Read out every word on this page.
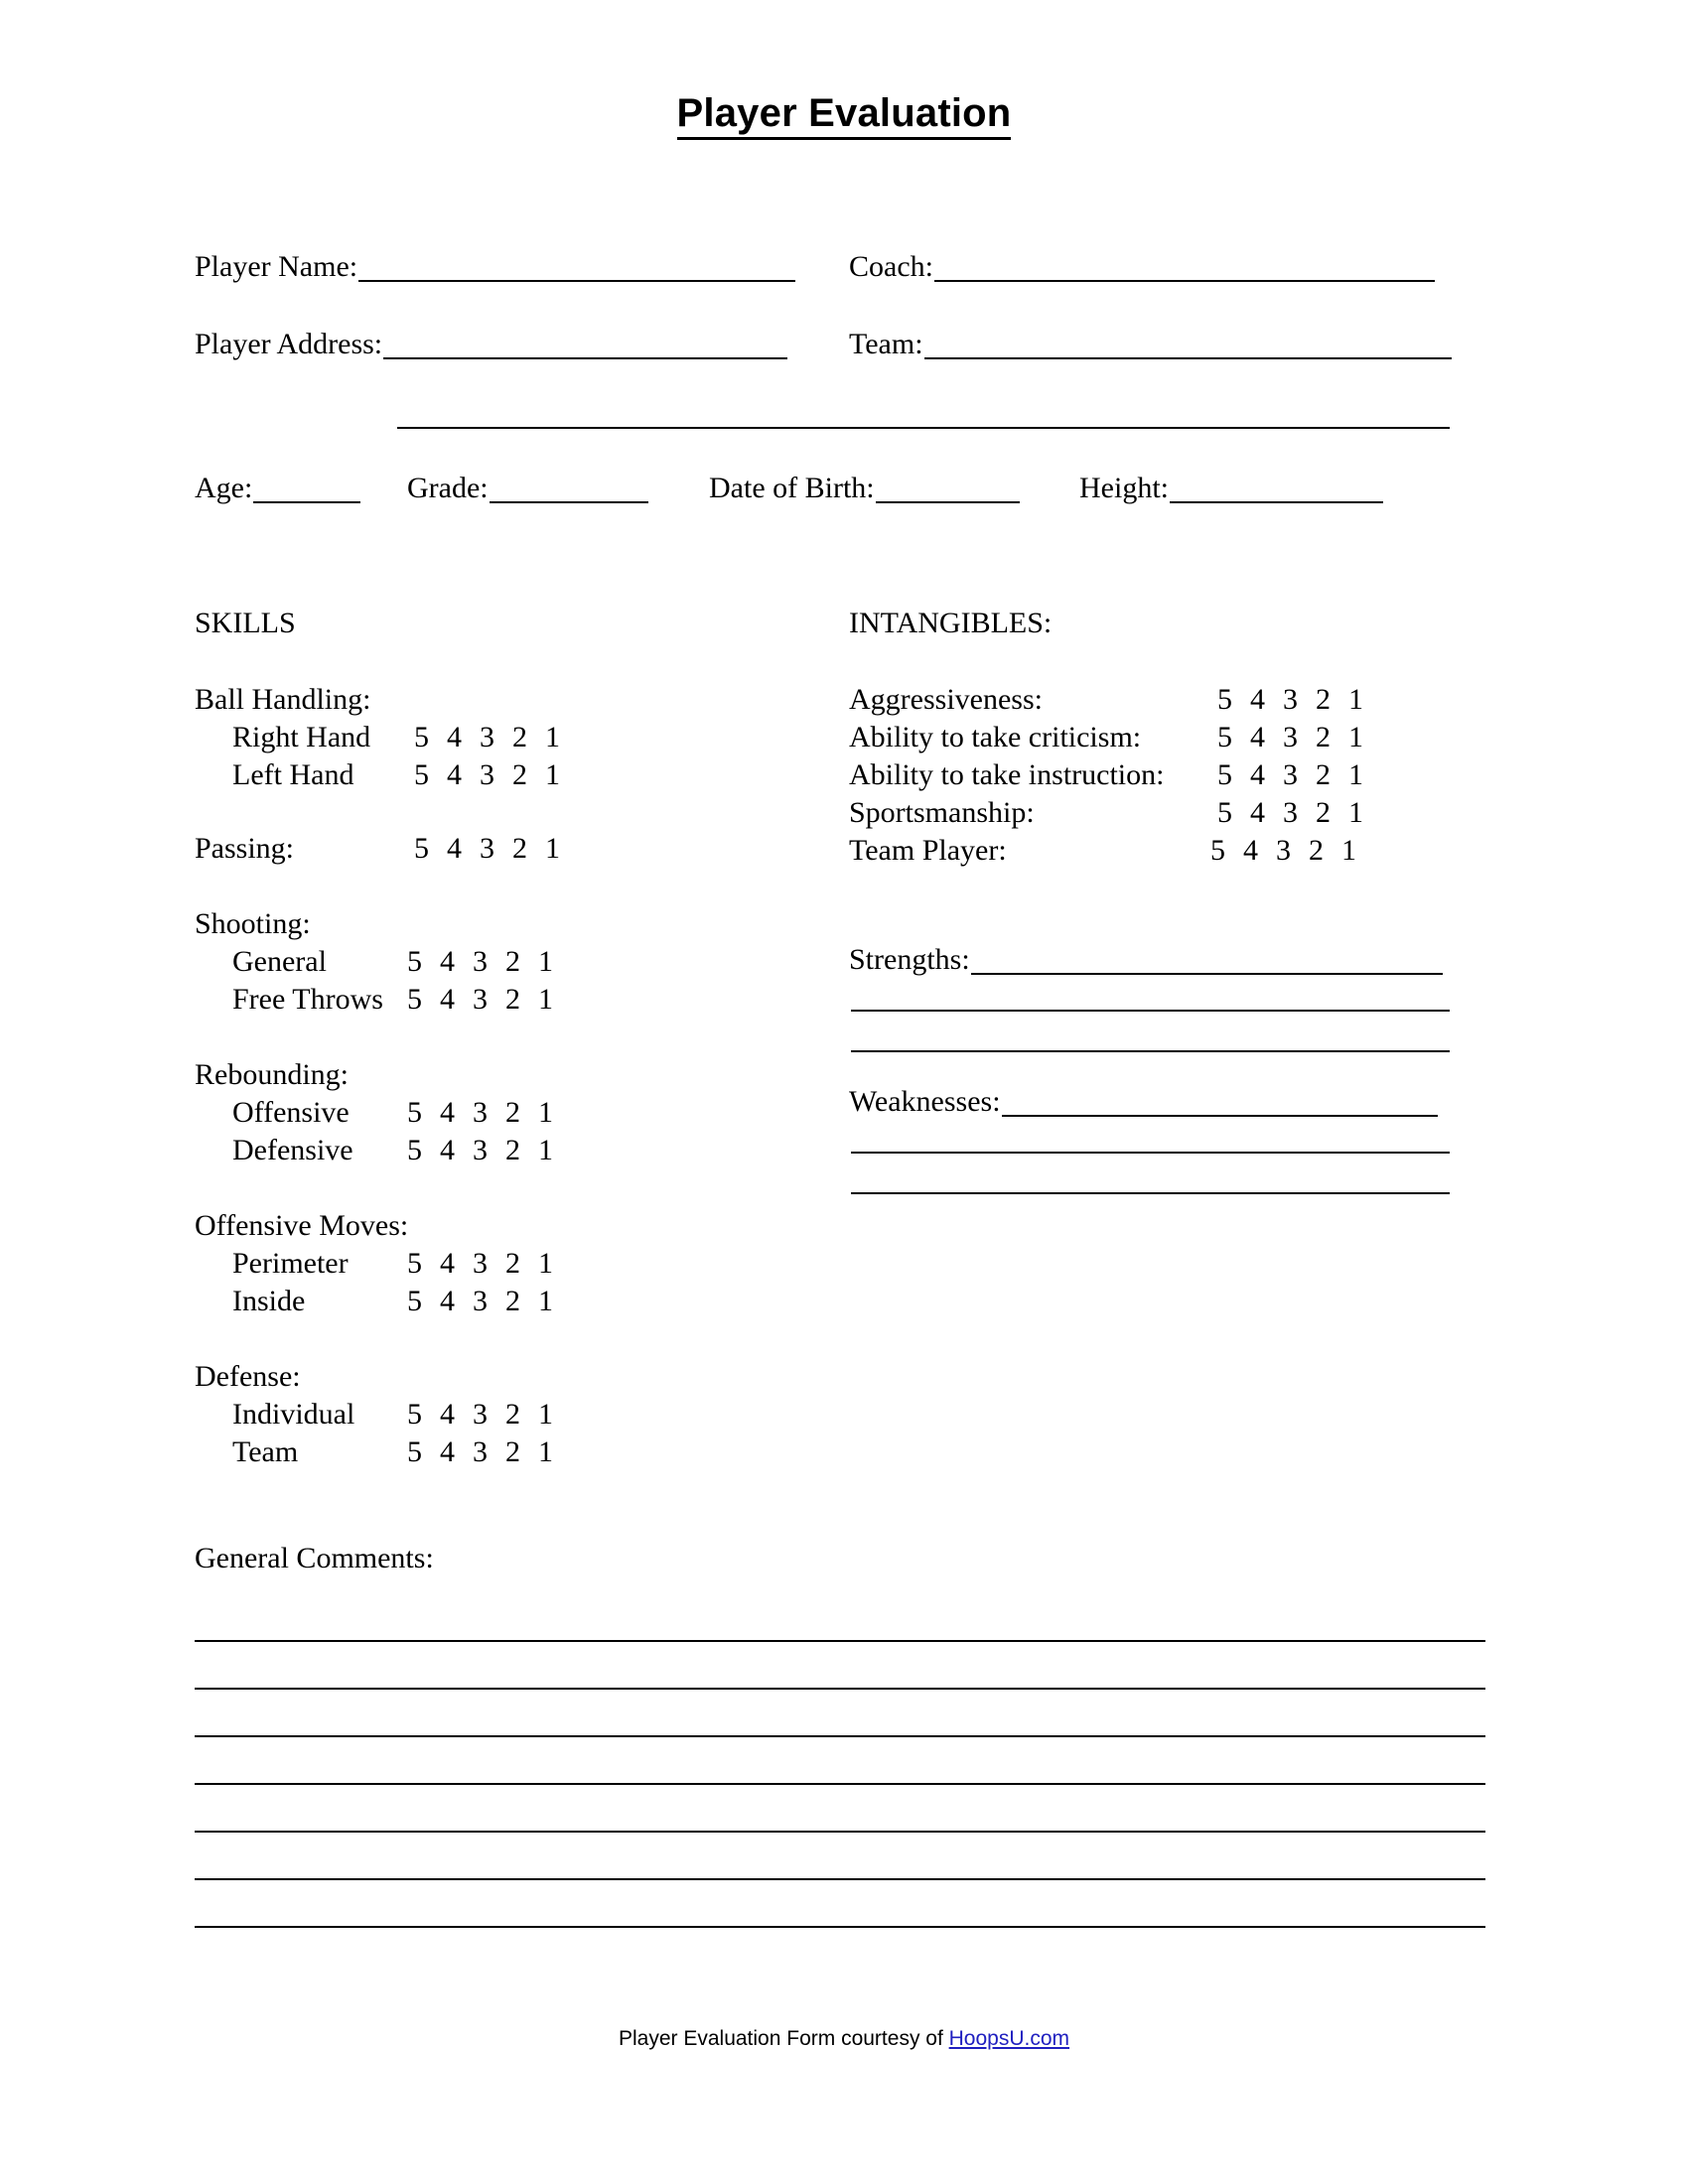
Player Evaluation
Player Name:	Coach:
Player Address:	Team:
Age:	Grade:	Date of Birth:	Height:
SKILLS
Ball Handling:
Right Hand	5 4 3 2 1
Left Hand	5 4 3 2 1
Passing:	5 4 3 2 1
Shooting:
General	5 4 3 2 1
Free Throws 5 4 3 2 1
Rebounding:
Offensive	5 4 3 2 1
Defensive	5 4 3 2 1
Offensive Moves:
Perimeter	5 4 3 2 1
Inside	5 4 3 2 1
Defense:
Individual	5 4 3 2 1
Team	5 4 3 2 1
INTANGIBLES:
Aggressiveness:	5 4 3 2 1
Ability to take criticism:	5 4 3 2 1
Ability to take instruction:	5 4 3 2 1
Sportsmanship:	5 4 3 2 1
Team Player:	5 4 3 2 1
Strengths:
Weaknesses:
General Comments:
Player Evaluation Form courtesy of HoopsU.com
